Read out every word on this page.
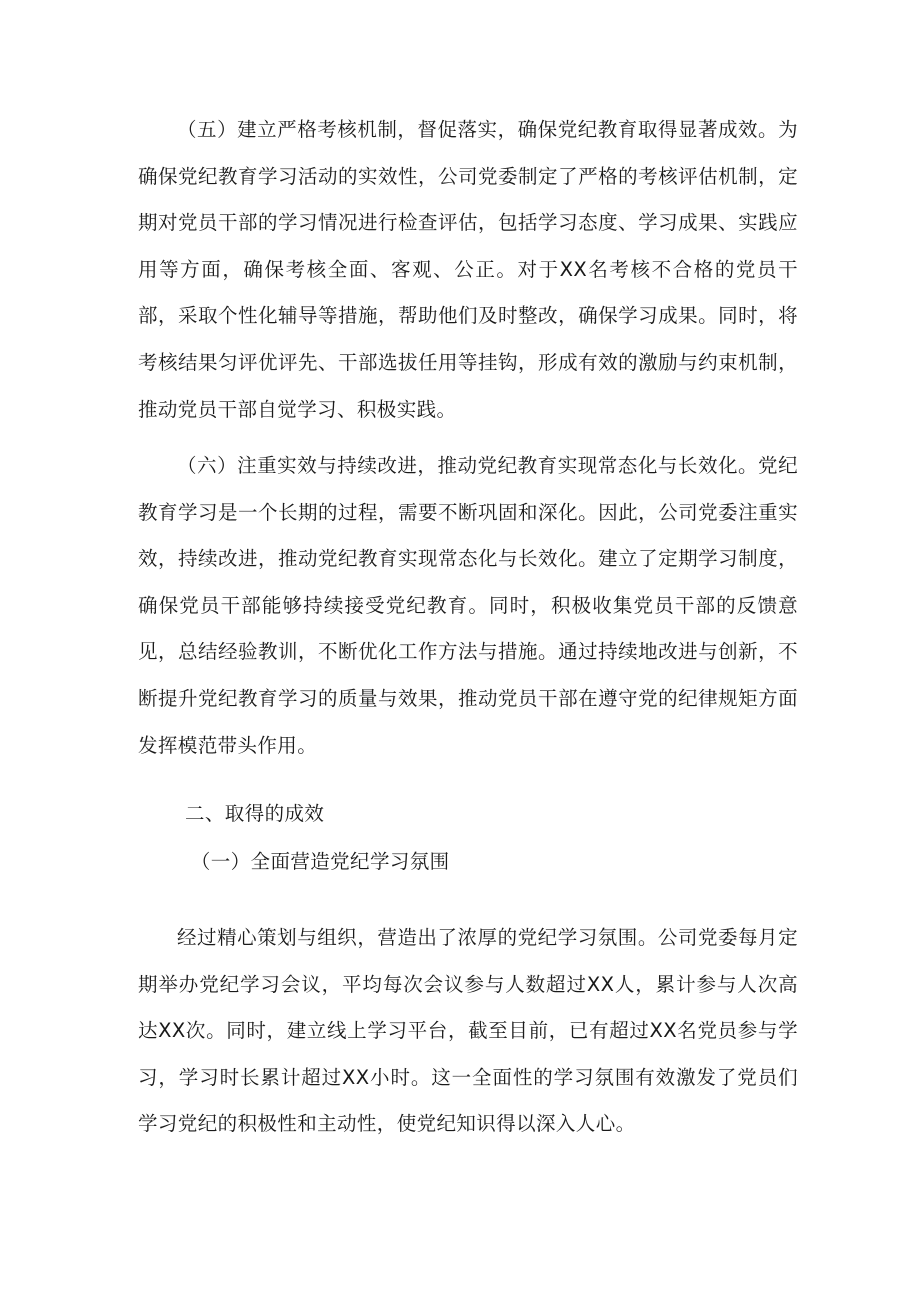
（五）建立严格考核机制，督促落实，确保党纪教育取得显著成效。为确保党纪教育学习活动的实效性，公司党委制定了严格的考核评估机制，定期对党员干部的学习情况进行检查评估，包括学习态度、学习成果、实践应用等方面，确保考核全面、客观、公正。对于XX名考核不合格的党员干部，采取个性化辅导等措施，帮助他们及时整改，确保学习成果。同时，将考核结果匀评优评先、干部选拔任用等挂钩，形成有效的激励与约束机制，推动党员干部自觉学习、积极实践。

（六）注重实效与持续改进，推动党纪教育实现常态化与长效化。党纪教育学习是一个长期的过程，需要不断巩固和深化。因此，公司党委注重实效，持续改进，推动党纪教育实现常态化与长效化。建立了定期学习制度，确保党员干部能够持续接受党纪教育。同时，积极收集党员干部的反馈意见，总结经验教训，不断优化工作方法与措施。通过持续地改进与创新，不断提升党纪教育学习的质量与效果，推动党员干部在遵守党的纪律规矩方面发挥模范带头作用。

二、取得的成效

（一）全面营造党纪学习氛围

经过精心策划与组织，营造出了浓厚的党纪学习氛围。公司党委每月定期举办党纪学习会议，平均每次会议参与人数超过XX人，累计参与人次高达XX次。同时，建立线上学习平台，截至目前，已有超过XX名党员参与学习，学习时长累计超过XX小时。这一全面性的学习氛围有效激发了党员们学习党纪的积极性和主动性，使党纪知识得以深入人心。
